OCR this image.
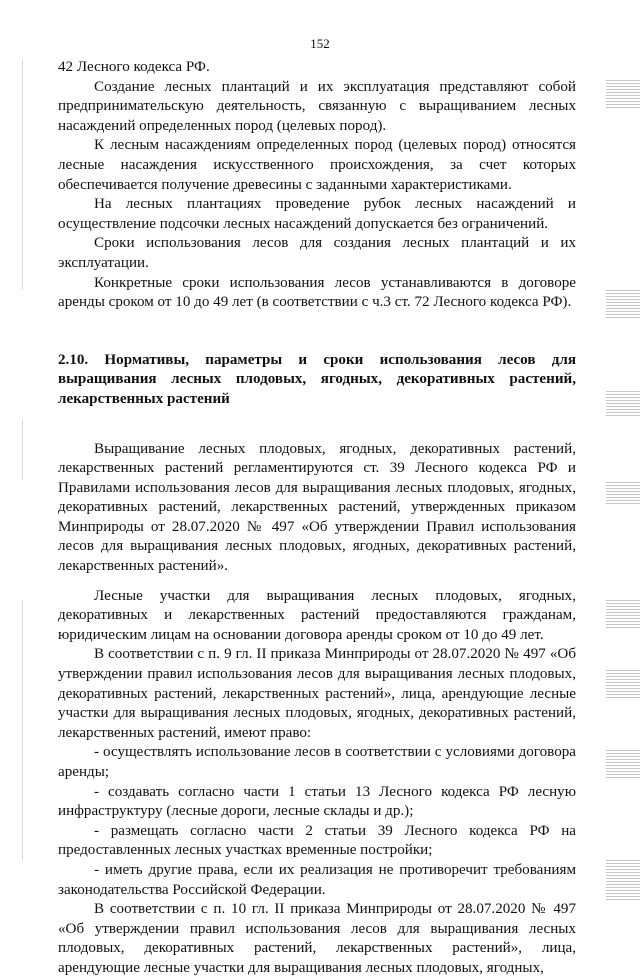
152

42 Лесного кодекса РФ.

Создание лесных плантаций и их эксплуатация представляют собой предпринимательскую деятельность, связанную с выращиванием лесных насаждений определенных пород (целевых пород).

К лесным насаждениям определенных пород (целевых пород) относятся лесные насаждения искусственного происхождения, за счет которых обеспечивается получение древесины с заданными характеристиками.

На лесных плантациях проведение рубок лесных насаждений и осуществление подсочки лесных насаждений допускается без ограничений.

Сроки использования лесов для создания лесных плантаций и их эксплуатации.

Конкретные сроки использования лесов устанавливаются в договоре аренды сроком от 10 до 49 лет (в соответствии с ч.3 ст. 72 Лесного кодекса РФ).

2.10. Нормативы, параметры и сроки использования лесов для выращивания лесных плодовых, ягодных, декоративных растений, лекарственных растений

Выращивание лесных плодовых, ягодных, декоративных растений, лекарственных растений регламентируются ст. 39 Лесного кодекса РФ и Правилами использования лесов для выращивания лесных плодовых, ягодных, декоративных растений, лекарственных растений, утвержденных приказом Минприроды от 28.07.2020 № 497 «Об утверждении Правил использования лесов для выращивания лесных плодовых, ягодных, декоративных растений, лекарственных растений».

Лесные участки для выращивания лесных плодовых, ягодных, декоративных и лекарственных растений предоставляются гражданам, юридическим лицам на основании договора аренды сроком от 10 до 49 лет.

В соответствии с п. 9 гл. II приказа Минприроды от 28.07.2020 № 497 «Об утверждении правил использования лесов для выращивания лесных плодовых, декоративных растений, лекарственных растений», лица, арендующие лесные участки для выращивания лесных плодовых, ягодных, декоративных растений, лекарственных растений, имеют право:

- осуществлять использование лесов в соответствии с условиями договора аренды;

- создавать согласно части 1 статьи 13 Лесного кодекса РФ лесную инфраструктуру (лесные дороги, лесные склады и др.);

- размещать согласно части 2 статьи 39 Лесного кодекса РФ на предоставленных лесных участках временные постройки;

- иметь другие права, если их реализация не противоречит требованиям законодательства Российской Федерации.

В соответствии с п. 10 гл. II приказа Минприроды от 28.07.2020 № 497 «Об утверждении правил использования лесов для выращивания лесных плодовых, декоративных растений, лекарственных растений», лица, арендующие лесные участки для выращивания лесных плодовых, ягодных,
